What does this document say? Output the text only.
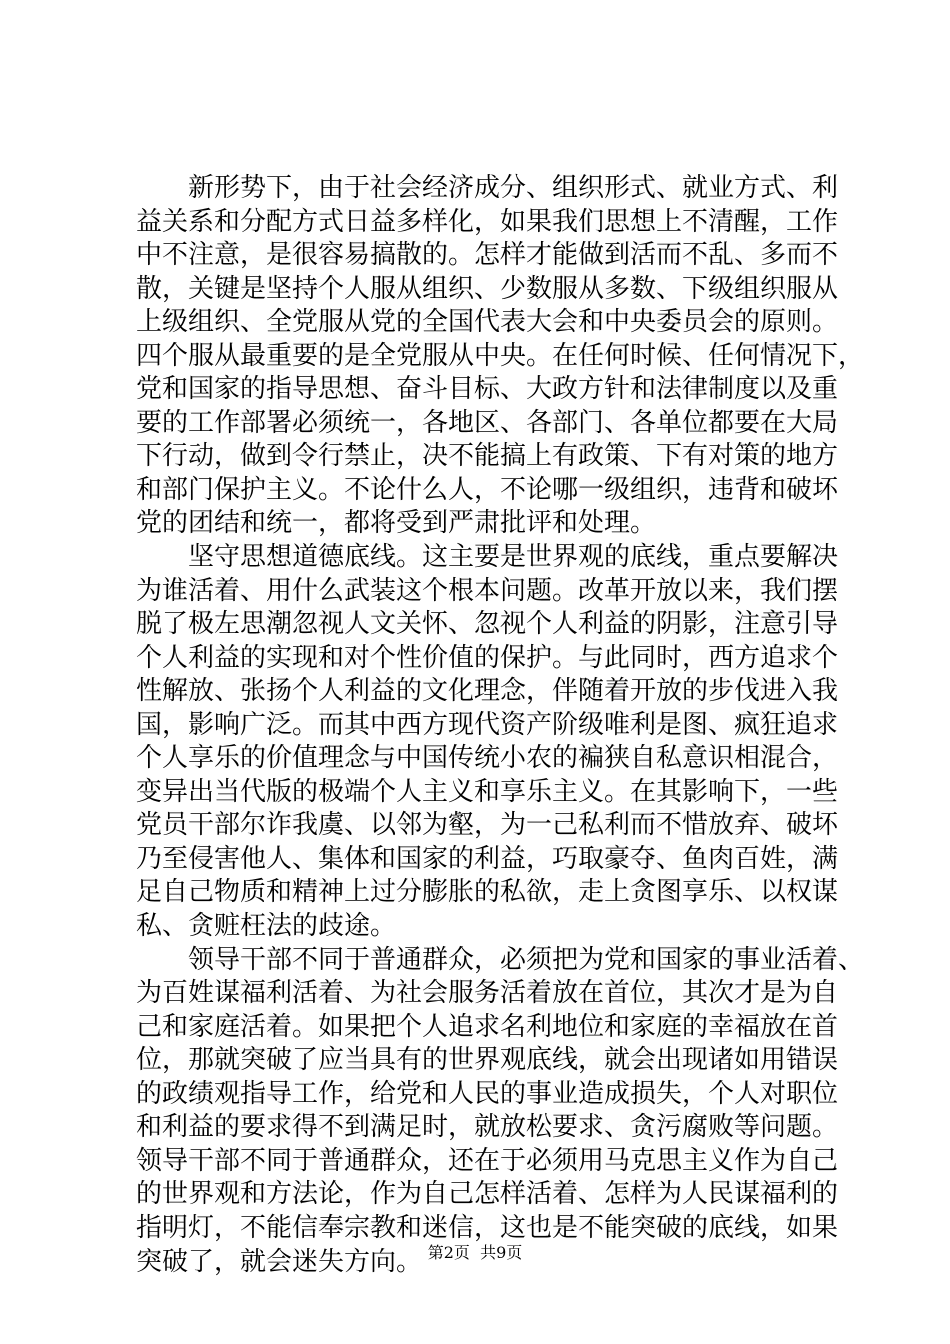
新形势下，由于社会经济成分、组织形式、就业方式、利
益关系和分配方式日益多样化，如果我们思想上不清醒，工作
中不注意，是很容易搞散的。怎样才能做到活而不乱、多而不
散，关键是坚持个人服从组织、少数服从多数、下级组织服从
上级组织、全党服从党的全国代表大会和中央委员会的原则。
四个服从最重要的是全党服从中央。在任何时候、任何情况下，
党和国家的指导思想、奋斗目标、大政方针和法律制度以及重
要的工作部署必须统一，各地区、各部门、各单位都要在大局
下行动，做到令行禁止，决不能搞上有政策、下有对策的地方
和部门保护主义。不论什么人，不论哪一级组织，违背和破坏
党的团结和统一，都将受到严肃批评和处理。
坚守思想道德底线。这主要是世界观的底线，重点要解决
为谁活着、用什么武装这个根本问题。改革开放以来，我们摆
脱了极左思潮忽视人文关怀、忽视个人利益的阴影，注意引导
个人利益的实现和对个性价值的保护。与此同时，西方追求个
性解放、张扬个人利益的文化理念，伴随着开放的步伐进入我
国，影响广泛。而其中西方现代资产阶级唯利是图、疯狂追求
个人享乐的价值理念与中国传统小农的褊狭自私意识相混合，
变异出当代版的极端个人主义和享乐主义。在其影响下，一些
党员干部尔诈我虞、以邻为壑，为一己私利而不惜放弃、破坏
乃至侵害他人、集体和国家的利益，巧取豪夺、鱼肉百姓，满
足自己物质和精神上过分膨胀的私欲，走上贪图享乐、以权谋
私、贪赃枉法的歧途。
领导干部不同于普通群众，必须把为党和国家的事业活着、
为百姓谋福利活着、为社会服务活着放在首位，其次才是为自
己和家庭活着。如果把个人追求名利地位和家庭的幸福放在首
位，那就突破了应当具有的世界观底线，就会出现诸如用错误
的政绩观指导工作，给党和人民的事业造成损失，个人对职位
和利益的要求得不到满足时，就放松要求、贪污腐败等问题。
领导干部不同于普通群众，还在于必须用马克思主义作为自己
的世界观和方法论，作为自己怎样活着、怎样为人民谋福利的
指明灯，不能信奉宗教和迷信，这也是不能突破的底线，如果
突破了，就会迷失方向。 第2页  共9页
